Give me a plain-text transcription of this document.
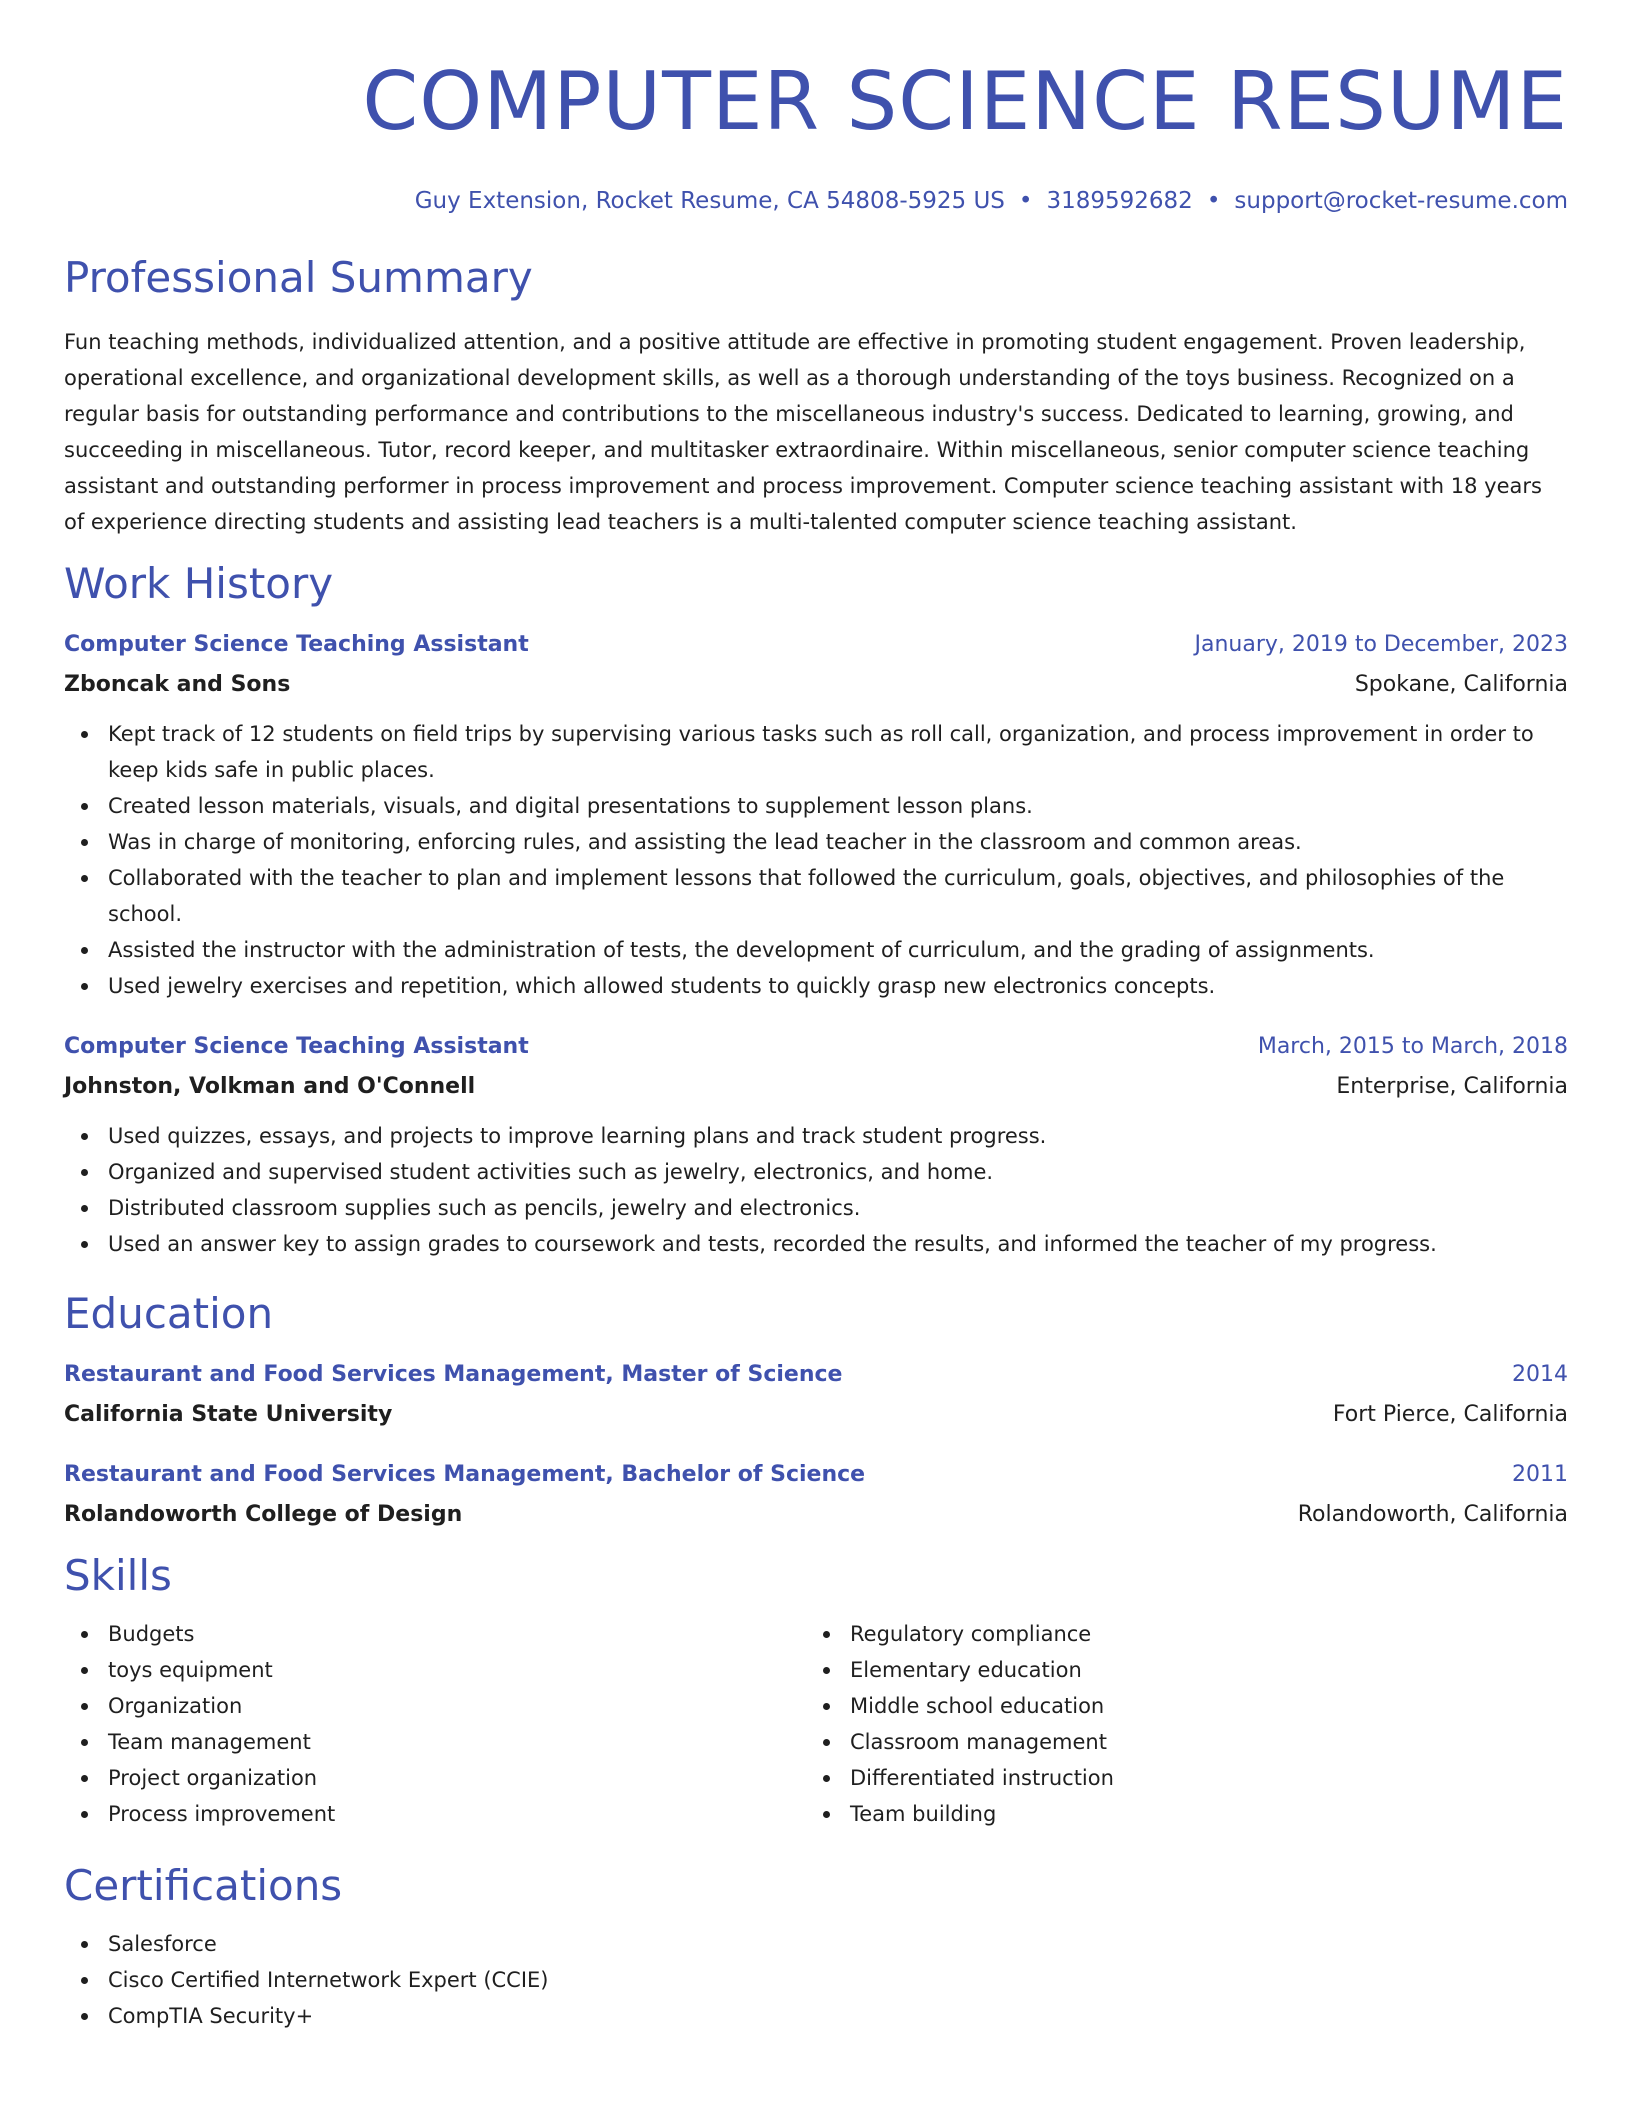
COMPUTER SCIENCE RESUME
Guy Extension, Rocket Resume, CA 54808-5925 US • 3189592682 • support@rocket-resume.com
Professional Summary

Fun teaching methods, individualized attention, and a positive attitude are effective in promoting student engagement. Proven leadership, operational excellence, and organizational development skills, as well as a thorough understanding of the toys business. Recognized on a regular basis for outstanding performance and contributions to the miscellaneous industry's success. Dedicated to learning, growing, and succeeding in miscellaneous. Tutor, record keeper, and multitasker extraordinaire. Within miscellaneous, senior computer science teaching assistant and outstanding performer in process improvement and process improvement. Computer science teaching assistant with 18 years of experience directing students and assisting lead teachers is a multi-talented computer science teaching assistant.

Work History
Computer Science Teaching Assistant	January, 2019 to December, 2023
Zboncak and Sons	Spokane, California
Kept track of 12 students on field trips by supervising various tasks such as roll call, organization, and process improvement in order to keep kids safe in public places.
Created lesson materials, visuals, and digital presentations to supplement lesson plans.
Was in charge of monitoring, enforcing rules, and assisting the lead teacher in the classroom and common areas.
Collaborated with the teacher to plan and implement lessons that followed the curriculum, goals, objectives, and philosophies of the school.
Assisted the instructor with the administration of tests, the development of curriculum, and the grading of assignments.
Used jewelry exercises and repetition, which allowed students to quickly grasp new electronics concepts.
Computer Science Teaching Assistant	March, 2015 to March, 2018
Johnston, Volkman and O'Connell	Enterprise, California
Used quizzes, essays, and projects to improve learning plans and track student progress.
Organized and supervised student activities such as jewelry, electronics, and home.
Distributed classroom supplies such as pencils, jewelry and electronics.
Used an answer key to assign grades to coursework and tests, recorded the results, and informed the teacher of my progress.
Education
Restaurant and Food Services Management, Master of Science	2014
California State University	Fort Pierce, California
Restaurant and Food Services Management, Bachelor of Science	2011
Rolandoworth College of Design	Rolandoworth, California
Skills
Budgets
toys equipment
Organization
Team management
Project organization
Process improvement
Regulatory compliance
Elementary education
Middle school education
Classroom management
Differentiated instruction
Team building
Certifications
Salesforce
Cisco Certified Internetwork Expert (CCIE)
CompTIA Security+
